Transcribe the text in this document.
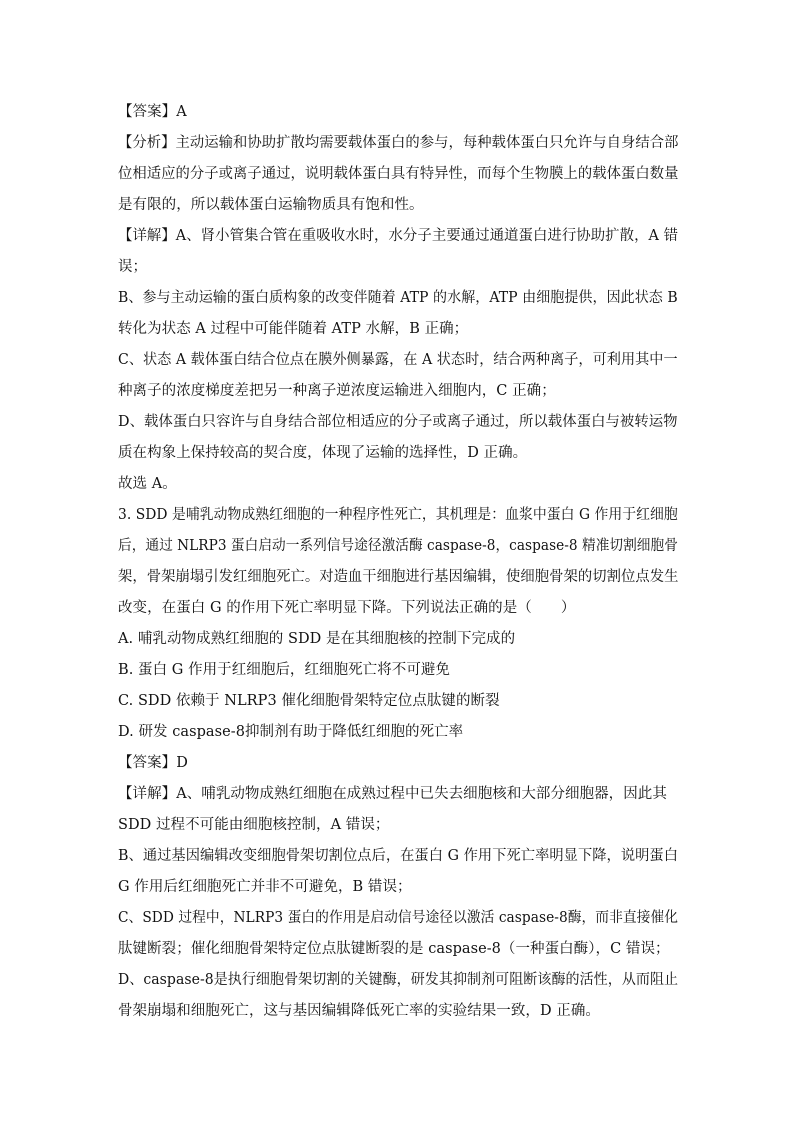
【答案】A
【分析】主动运输和协助扩散均需要载体蛋白的参与，每种载体蛋白只允许与自身结合部
位相适应的分子或离子通过，说明载体蛋白具有特异性，而每个生物膜上的载体蛋白数量
是有限的，所以载体蛋白运输物质具有饱和性。
【详解】A、肾小管集合管在重吸收水时，水分子主要通过通道蛋白进行协助扩散，A 错
误；
B、参与主动运输的蛋白质构象的改变伴随着 ATP 的水解，ATP 由细胞提供，因此状态 B
转化为状态 A 过程中可能伴随着 ATP 水解，B 正确；
C、状态 A 载体蛋白结合位点在膜外侧暴露，在 A 状态时，结合两种离子，可利用其中一
种离子的浓度梯度差把另一种离子逆浓度运输进入细胞内，C 正确；
D、载体蛋白只容许与自身结合部位相适应的分子或离子通过，所以载体蛋白与被转运物
质在构象上保持较高的契合度，体现了运输的选择性，D 正确。
故选 A。
3. SDD 是哺乳动物成熟红细胞的一种程序性死亡，其机理是：血浆中蛋白 G 作用于红细胞
后，通过 NLRP3 蛋白启动一系列信号途径激活酶 caspase-8，caspase-8 精准切割细胞骨
架，骨架崩塌引发红细胞死亡。对造血干细胞进行基因编辑，使细胞骨架的切割位点发生
改变，在蛋白 G 的作用下死亡率明显下降。下列说法正确的是（　　）
A. 哺乳动物成熟红细胞的 SDD 是在其细胞核的控制下完成的
B. 蛋白 G 作用于红细胞后，红细胞死亡将不可避免
C. SDD 依赖于 NLRP3 催化细胞骨架特定位点肽键的断裂
D. 研发 caspase-8抑制剂有助于降低红细胞的死亡率
【答案】D
【详解】A、哺乳动物成熟红细胞在成熟过程中已失去细胞核和大部分细胞器，因此其
SDD 过程不可能由细胞核控制，A 错误；
B、通过基因编辑改变细胞骨架切割位点后，在蛋白 G 作用下死亡率明显下降，说明蛋白
G 作用后红细胞死亡并非不可避免，B 错误；
C、SDD 过程中，NLRP3 蛋白的作用是启动信号途径以激活 caspase-8酶，而非直接催化
肽键断裂；催化细胞骨架特定位点肽键断裂的是 caspase-8（一种蛋白酶），C 错误；
D、caspase-8是执行细胞骨架切割的关键酶，研发其抑制剂可阻断该酶的活性，从而阻止
骨架崩塌和细胞死亡，这与基因编辑降低死亡率的实验结果一致，D 正确。
